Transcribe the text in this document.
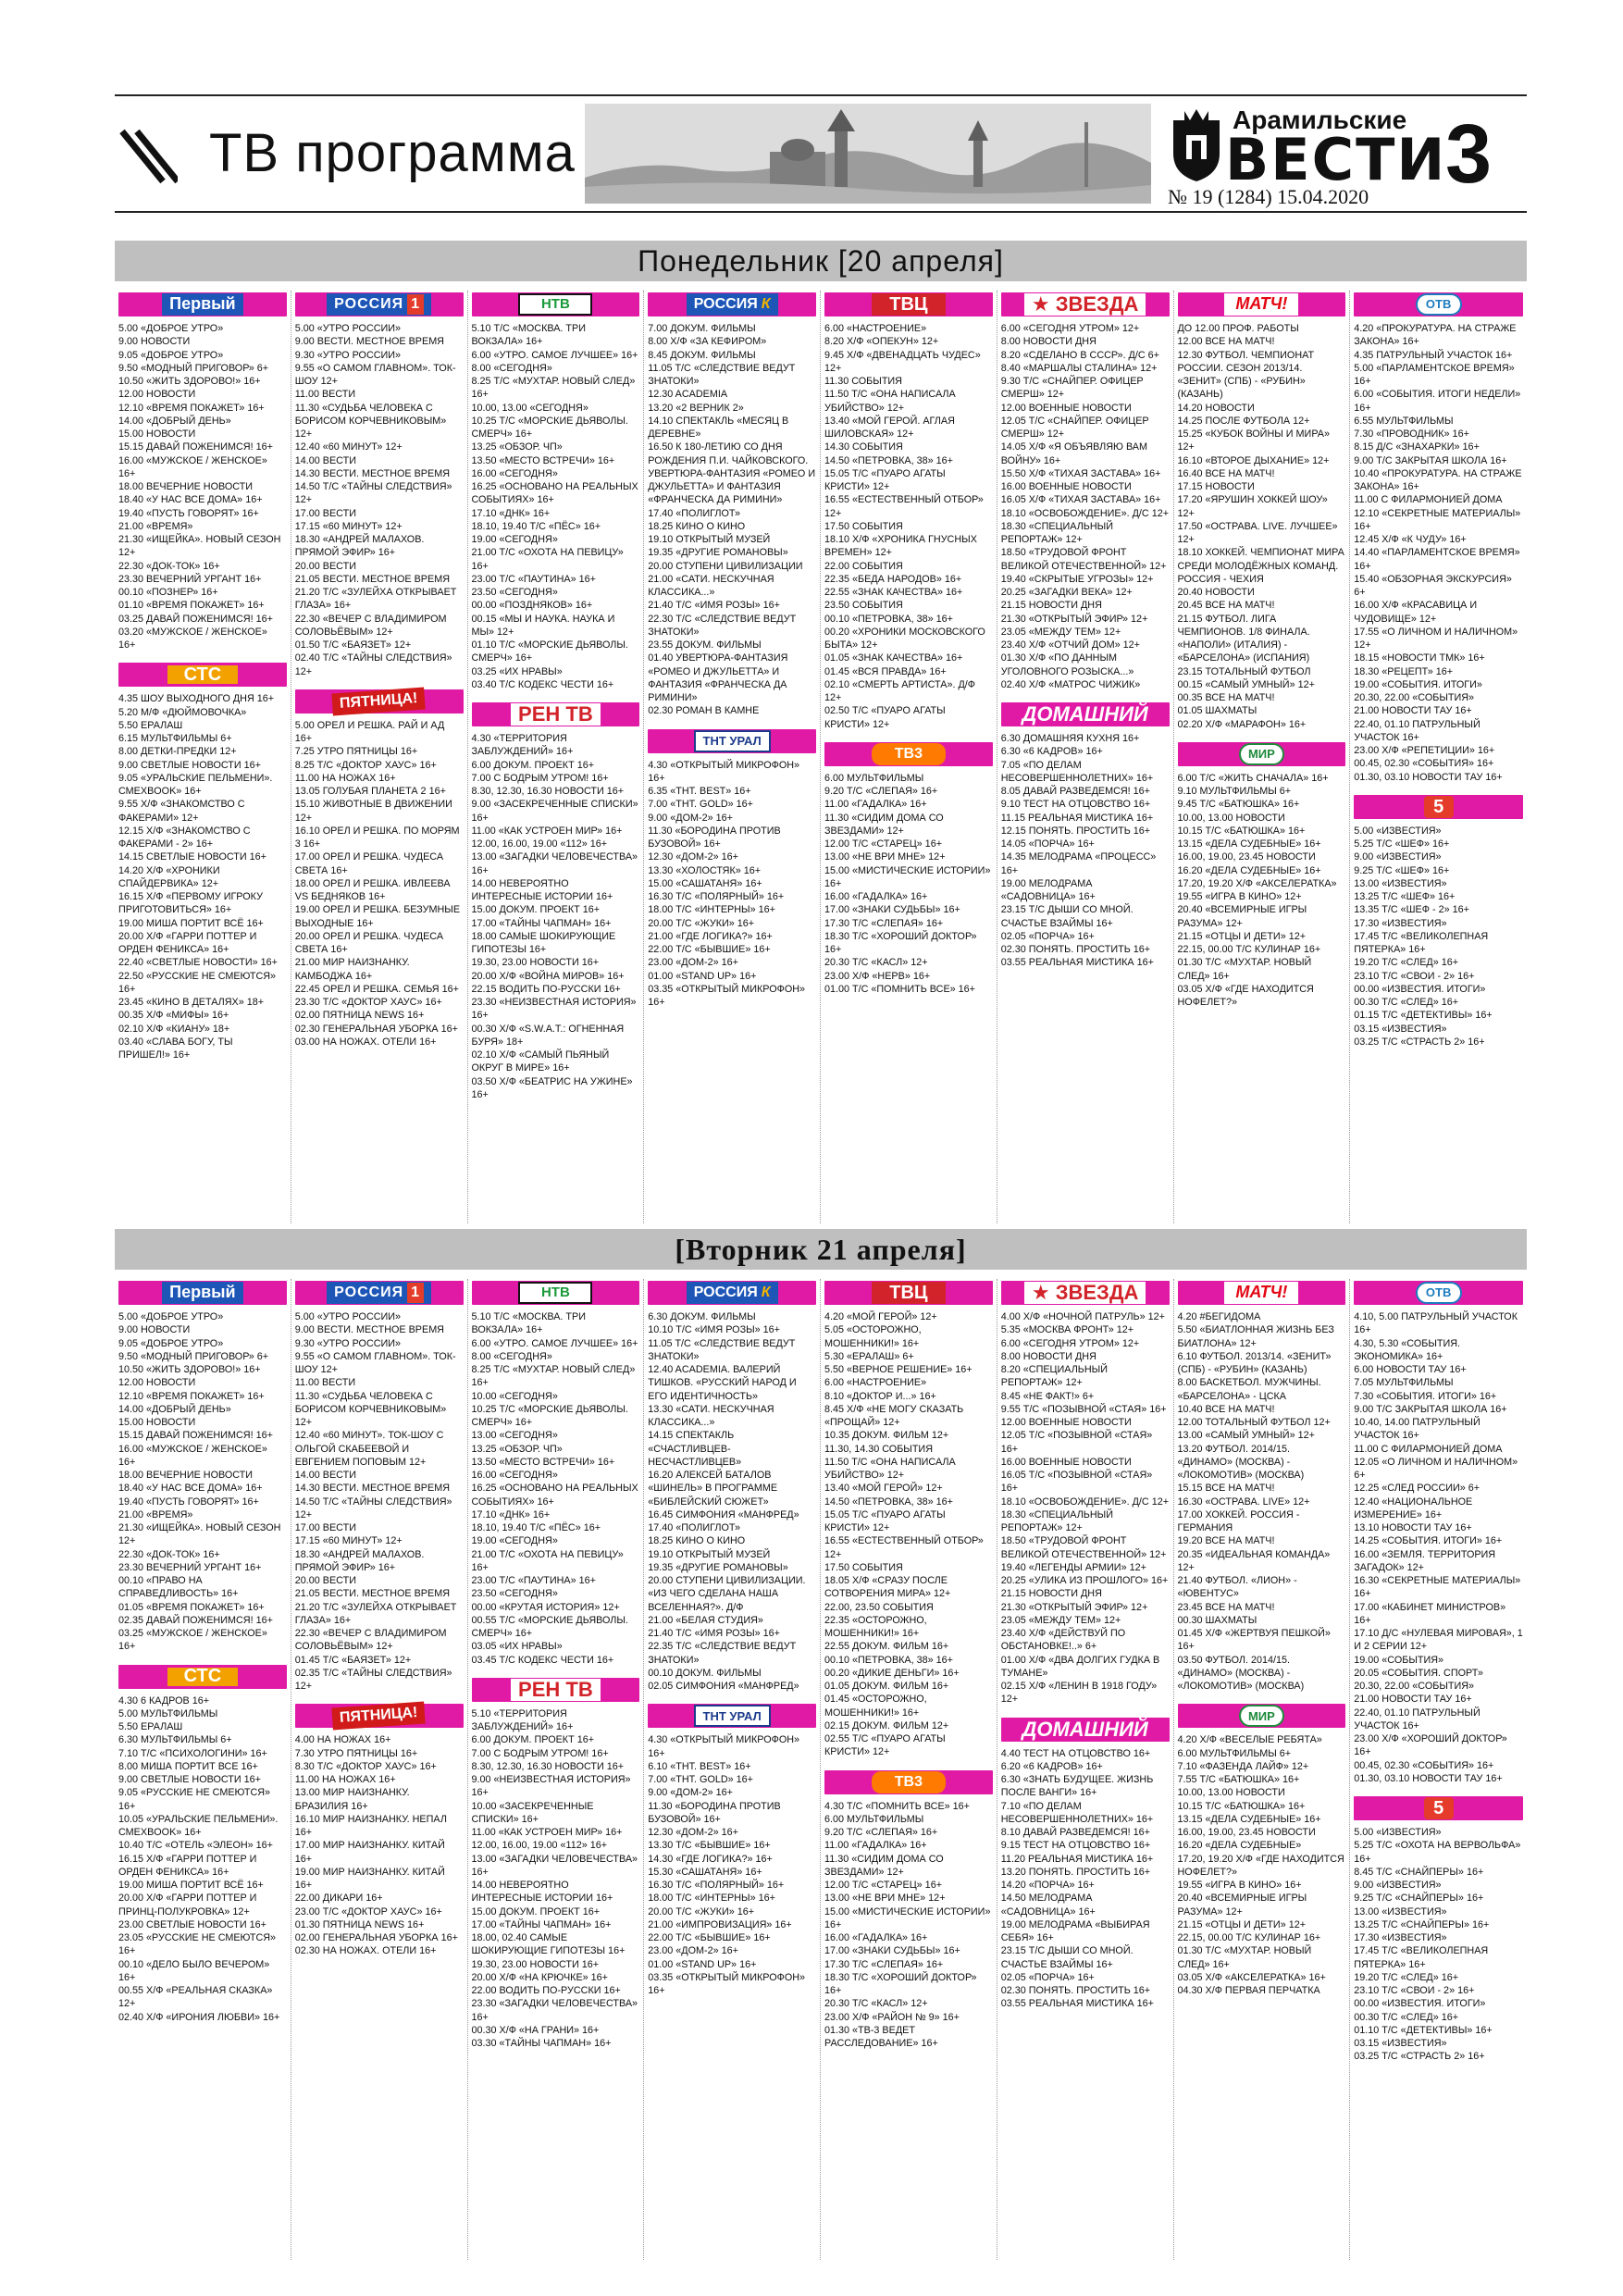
ТВ программа
Арамильские
ВЕСТИ
№ 19 (1284) 15.04.2020 3
Понедельник [20 апреля]
Первый
5.00 «ДОБРОЕ УТРО»
9.00 НОВОСТИ
9.05 «ДОБРОЕ УТРО»
9.50 «МОДНЫЙ ПРИГОВОР» 6+
10.50 «ЖИТЬ ЗДОРОВО!» 16+
12.00 НОВОСТИ
12.10 «ВРЕМЯ ПОКАЖЕТ» 16+
14.00 «ДОБРЫЙ ДЕНЬ»
15.00 НОВОСТИ
15.15 ДАВАЙ ПОЖЕНИМСЯ! 16+
16.00 «МУЖСКОЕ / ЖЕНСКОЕ» 16+
18.00 ВЕЧЕРНИЕ НОВОСТИ
18.40 «У НАС ВСЕ ДОМА» 16+
19.40 «ПУСТЬ ГОВОРЯТ» 16+
21.00 «ВРЕМЯ»
21.30 «ИЩЕЙКА». НОВЫЙ СЕЗОН 12+
22.30 «ДОК-ТОК» 16+
23.30 ВЕЧЕРНИЙ УРГАНТ 16+
00.10 «ПОЗНЕР» 16+
01.10 «ВРЕМЯ ПОКАЖЕТ» 16+
03.25 ДАВАЙ ПОЖЕНИМСЯ! 16+
03.20 «МУЖСКОЕ / ЖЕНСКОЕ» 16+
СТС
4.35 ШОУ ВЫХОДНОГО ДНЯ 16+
5.20 М/Ф «ДЮЙМОВОЧКА»
5.50 ЕРАЛАШ
6.15 МУЛЬТФИЛЬМЫ 6+
8.00 ДЕТКИ-ПРЕДКИ 12+
9.00 СВЕТЛЫЕ НОВОСТИ 16+
9.05 «УРАЛЬСКИЕ ПЕЛЬМЕНИ». СМЕХBOOK» 16+
9.55 Х/Ф «ЗНАКОМСТВО С ФАКЕРАМИ» 12+
12.15 Х/Ф «ЗНАКОМСТВО С ФАКЕРАМИ - 2» 16+
14.15 СВЕТЛЫЕ НОВОСТИ 16+
14.20 Х/Ф «ХРОНИКИ СПАЙДЕРВИКА» 12+
16.15 Х/Ф «ПЕРВОМУ ИГРОКУ ПРИГОТОВИТЬСЯ» 16+
19.00 МИША ПОРТИТ ВСЁ 16+
20.00 Х/Ф «ГАРРИ ПОТТЕР И ОРДЕН ФЕНИКСА» 16+
22.40 «СВЕТЛЫЕ НОВОСТИ» 16+
22.50 «РУССКИЕ НЕ СМЕЮТСЯ» 16+
23.45 «КИНО В ДЕТАЛЯХ» 18+
00.35 Х/Ф «МИФЫ» 16+
02.10 Х/Ф «КИАНУ» 18+
03.40 «СЛАВА БОГУ, ТЫ ПРИШЕЛ!» 16+
РОССИЯ 1
5.00 «УТРО РОССИИ»
9.00 ВЕСТИ. МЕСТНОЕ ВРЕМЯ
9.30 «УТРО РОССИИ»
9.55 «О САМОМ ГЛАВНОМ». ТОК-ШОУ 12+
11.00 ВЕСТИ
11.30 «СУДЬБА ЧЕЛОВЕКА С БОРИСОМ КОРЧЕВНИКОВЫМ» 12+
12.40 «60 МИНУТ» 12+
14.00 ВЕСТИ
14.30 ВЕСТИ. МЕСТНОЕ ВРЕМЯ
14.50 Т/С «ТАЙНЫ СЛЕДСТВИЯ» 12+
17.00 ВЕСТИ
17.15 «60 МИНУТ» 12+
18.30 «АНДРЕЙ МАЛАХОВ. ПРЯМОЙ ЭФИР» 16+
20.00 ВЕСТИ
21.05 ВЕСТИ. МЕСТНОЕ ВРЕМЯ
21.20 Т/С «ЗУЛЕЙХА ОТКРЫВАЕТ ГЛАЗА» 16+
22.30 «ВЕЧЕР С ВЛАДИМИРОМ СОЛОВЬЁВЫМ» 12+
01.50 Т/С «БАЯЗЕТ» 12+
02.40 Т/С «ТАЙНЫ СЛЕДСТВИЯ» 12+
ПЯТНИЦА!
5.00 ОРЕЛ И РЕШКА. РАЙ И АД 16+
7.25 УТРО ПЯТНИЦЫ 16+
8.25 Т/С «ДОКТОР ХАУС» 16+
11.00 НА НОЖАХ 16+
13.05 ГОЛУБАЯ ПЛАНЕТА 2 16+
15.10 ЖИВОТНЫЕ В ДВИЖЕНИИ 12+
16.10 ОРЕЛ И РЕШКА. ПО МОРЯМ 3 16+
17.00 ОРЕЛ И РЕШКА. ЧУДЕСА СВЕТА 16+
18.00 ОРЕЛ И РЕШКА. ИВЛЕЕВА VS БЕДНЯКОВ 16+
19.00 ОРЕЛ И РЕШКА. БЕЗУМНЫЕ ВЫХОДНЫЕ 16+
20.00 ОРЕЛ И РЕШКА. ЧУДЕСА СВЕТА 16+
21.00 МИР НАИЗНАНКУ. КАМБОДЖА 16+
22.45 ОРЕЛ И РЕШКА. СЕМЬЯ 16+
23.30 Т/С «ДОКТОР ХАУС» 16+
02.00 ПЯТНИЦА NEWS 16+
02.30 ГЕНЕРАЛЬНАЯ УБОРКА 16+
03.00 НА НОЖАХ. ОТЕЛИ 16+
НТВ
5.10 Т/С «МОСКВА. ТРИ ВОКЗАЛА» 16+
6.00 «УТРО. САМОЕ ЛУЧШЕЕ» 16+
8.00 «СЕГОДНЯ»
8.25 Т/С «МУХТАР. НОВЫЙ СЛЕД» 16+
10.00, 13.00 «СЕГОДНЯ»
10.25 Т/С «МОРСКИЕ ДЬЯВОЛЫ. СМЕРЧ» 16+
13.25 «ОБЗОР. ЧП»
13.50 «МЕСТО ВСТРЕЧИ» 16+
16.00 «СЕГОДНЯ»
16.25 «ОСНОВАНО НА РЕАЛЬНЫХ СОБЫТИЯХ» 16+
17.10 «ДНК» 16+
18.10, 19.40 Т/С «ПЁС» 16+
19.00 «СЕГОДНЯ»
21.00 Т/С «ОХОТА НА ПЕВИЦУ» 16+
23.00 Т/С «ПАУТИНА» 16+
23.50 «СЕГОДНЯ»
00.00 «ПОЗДНЯКОВ» 16+
00.15 «МЫ И НАУКА. НАУКА И МЫ» 12+
01.10 Т/С «МОРСКИЕ ДЬЯВОЛЫ. СМЕРЧ» 16+
03.25 «ИХ НРАВЫ»
03.40 Т/С КОДЕКС ЧЕСТИ 16+
РЕН ТВ
4.30 «ТЕРРИТОРИЯ ЗАБЛУЖДЕНИЙ» 16+
6.00 ДОКУМ. ПРОЕКТ 16+
7.00 С БОДРЫМ УТРОМ! 16+
8.30, 12.30, 16.30 НОВОСТИ 16+
9.00 «ЗАСЕКРЕЧЕННЫЕ СПИСКИ» 16+
11.00 «КАК УСТРОЕН МИР» 16+
12.00, 16.00, 19.00 «112» 16+
13.00 «ЗАГАДКИ ЧЕЛОВЕЧЕСТВА» 16+
14.00 НЕВЕРОЯТНО ИНТЕРЕСНЫЕ ИСТОРИИ 16+
15.00 ДОКУМ. ПРОЕКТ 16+
17.00 «ТАЙНЫ ЧАПМАН» 16+
18.00 САМЫЕ ШОКИРУЮЩИЕ ГИПОТЕЗЫ 16+
19.30, 23.00 НОВОСТИ 16+
20.00 Х/Ф «ВОЙНА МИРОВ» 16+
22.15 ВОДИТЬ ПО-РУССКИ 16+
23.30 «НЕИЗВЕСТНАЯ ИСТОРИЯ» 16+
00.30 Х/Ф «S.W.A.T.: ОГНЕННАЯ БУРЯ» 18+
02.10 Х/Ф «САМЫЙ ПЬЯНЫЙ ОКРУГ В МИРЕ» 16+
03.50 Х/Ф «БЕАТРИС НА УЖИНЕ» 16+
РОССИЯ К
7.00 ДОКУМ. ФИЛЬМЫ
8.00 Х/Ф «ЗА КЕФИРОМ»
8.45 ДОКУМ. ФИЛЬМЫ
11.05 Т/С «СЛЕДСТВИЕ ВЕДУТ ЗНАТОКИ»
12.30 ACADEMIA
13.20 «2 ВЕРНИК 2»
14.10 СПЕКТАКЛЬ «МЕСЯЦ В ДЕРЕВНЕ»
16.50 К 180-ЛЕТИЮ СО ДНЯ РОЖДЕНИЯ П.И. ЧАЙКОВСКОГО. УВЕРТЮРА-ФАНТАЗИЯ «РОМЕО И ДЖУЛЬЕТТА» И ФАНТАЗИЯ «ФРАНЧЕСКА ДА РИМИНИ»
17.40 «ПОЛИГЛОТ»
18.25 КИНО О КИНО
19.10 ОТКРЫТЫЙ МУЗЕЙ
19.35 «ДРУГИЕ РОМАНОВЫ»
20.00 СТУПЕНИ ЦИВИЛИЗАЦИИ
21.00 «САТИ. НЕСКУЧНАЯ КЛАССИКА...»
21.40 Т/С «ИМЯ РОЗЫ» 16+
22.30 Т/С «СЛЕДСТВИЕ ВЕДУТ ЗНАТОКИ»
23.55 ДОКУМ. ФИЛЬМЫ
01.40 УВЕРТЮРА-ФАНТАЗИЯ «РОМЕО И ДЖУЛЬЕТТА» И ФАНТАЗИЯ «ФРАНЧЕСКА ДА РИМИНИ»
02.30 РОМАН В КАМНЕ
ТНТ УРАЛ
4.30 «ОТКРЫТЫЙ МИКРОФОН» 16+
6.35 «ТНТ. BEST» 16+
7.00 «ТНТ. GOLD» 16+
9.00 «ДОМ-2» 16+
11.30 «БОРОДИНА ПРОТИВ БУЗОВОЙ» 16+
12.30 «ДОМ-2» 16+
13.30 «ХОЛОСТЯК» 16+
15.00 «САШАТАНЯ» 16+
16.30 Т/С «ПОЛЯРНЫЙ» 16+
18.00 Т/С «ИНТЕРНЫ» 16+
20.00 Т/С «ЖУКИ» 16+
21.00 «ГДЕ ЛОГИКА?» 16+
22.00 Т/С «БЫВШИЕ» 16+
23.00 «ДОМ-2» 16+
01.00 «STAND UP» 16+
03.35 «ОТКРЫТЫЙ МИКРОФОН» 16+
ТВЦ
6.00 «НАСТРОЕНИЕ»
8.20 Х/Ф «ОПЕКУН» 12+
9.45 Х/Ф «ДВЕНАДЦАТЬ ЧУДЕС» 12+
11.30 СОБЫТИЯ
11.50 Т/С «ОНА НАПИСАЛА УБИЙСТВО» 12+
13.40 «МОЙ ГЕРОЙ. АГЛАЯ ШИЛОВСКАЯ» 12+
14.30 СОБЫТИЯ
14.50 «ПЕТРОВКА, 38» 16+
15.05 Т/С «ПУАРО АГАТЫ КРИСТИ» 12+
16.55 «ЕСТЕСТВЕННЫЙ ОТБОР» 12+
17.50 СОБЫТИЯ
18.10 Х/Ф «ХРОНИКА ГНУСНЫХ ВРЕМЕН» 12+
22.00 СОБЫТИЯ
22.35 «БЕДА НАРОДОВ» 16+
22.55 «ЗНАК КАЧЕСТВА» 16+
23.50 СОБЫТИЯ
00.10 «ПЕТРОВКА, 38» 16+
00.20 «ХРОНИКИ МОСКОВСКОГО БЫТА» 12+
01.05 «ЗНАК КАЧЕСТВА» 16+
01.45 «ВСЯ ПРАВДА» 16+
02.10 «СМЕРТЬ АРТИСТА». Д/Ф 12+
02.50 Т/С «ПУАРО АГАТЫ КРИСТИ» 12+
ТВ3
6.00 МУЛЬТФИЛЬМЫ
9.20 Т/С «СЛЕПАЯ» 16+
11.00 «ГАДАЛКА» 16+
11.30 «СИДИМ ДОМА СО ЗВЕЗДАМИ» 12+
12.00 Т/С «СТАРЕЦ» 16+
13.00 «НЕ ВРИ МНЕ» 12+
15.00 «МИСТИЧЕСКИЕ ИСТОРИИ» 16+
16.00 «ГАДАЛКА» 16+
17.00 «ЗНАКИ СУДЬБЫ» 16+
17.30 Т/С «СЛЕПАЯ» 16+
18.30 Т/С «ХОРОШИЙ ДОКТОР» 16+
20.30 Т/С «КАСЛ» 12+
23.00 Х/Ф «НЕРВ» 16+
01.00 Т/С «ПОМНИТЬ ВСЕ» 16+
★ ЗВЕЗДА
6.00 «СЕГОДНЯ УТРОМ» 12+
8.00 НОВОСТИ ДНЯ
8.20 «СДЕЛАНО В СССР». Д/С 6+
8.40 «МАРШАЛЫ СТАЛИНА» 12+
9.30 Т/С «СНАЙПЕР. ОФИЦЕР СМЕРШ» 12+
12.00 ВОЕННЫЕ НОВОСТИ
12.05 Т/С «СНАЙПЕР. ОФИЦЕР СМЕРШ» 12+
14.05 Х/Ф «Я ОБЪЯВЛЯЮ ВАМ ВОЙНУ» 16+
15.50 Х/Ф «ТИХАЯ ЗАСТАВА» 16+
16.00 ВОЕННЫЕ НОВОСТИ
16.05 Х/Ф «ТИХАЯ ЗАСТАВА» 16+
18.10 «ОСВОБОЖДЕНИЕ». Д/С 12+
18.30 «СПЕЦИАЛЬНЫЙ РЕПОРТАЖ» 12+
18.50 «ТРУДОВОЙ ФРОНТ ВЕЛИКОЙ ОТЕЧЕСТВЕННОЙ» 12+
19.40 «СКРЫТЫЕ УГРОЗЫ» 12+
20.25 «ЗАГАДКИ ВЕКА» 12+
21.15 НОВОСТИ ДНЯ
21.30 «ОТКРЫТЫЙ ЭФИР» 12+
23.05 «МЕЖДУ ТЕМ» 12+
23.40 Х/Ф «ОТЧИЙ ДОМ» 12+
01.30 Х/Ф «ПО ДАННЫМ УГОЛОВНОГО РОЗЫСКА...»
02.40 Х/Ф «МАТРОС ЧИЖИК»
ДОМАШНИЙ
6.30 ДОМАШНЯЯ КУХНЯ 16+
6.30 «6 КАДРОВ» 16+
7.05 «ПО ДЕЛАМ НЕСОВЕРШЕННОЛЕТНИХ» 16+
8.05 ДАВАЙ РАЗВЕДЕМСЯ! 16+
9.10 ТЕСТ НА ОТЦОВСТВО 16+
11.15 РЕАЛЬНАЯ МИСТИКА 16+
12.15 ПОНЯТЬ. ПРОСТИТЬ 16+
14.05 «ПОРЧА» 16+
14.35 МЕЛОДРАМА «ПРОЦЕСС» 16+
19.00 МЕЛОДРАМА «САДОВНИЦА» 16+
23.15 Т/С ДЫШИ СО МНОЙ. СЧАСТЬЕ ВЗАЙМЫ 16+
02.05 «ПОРЧА» 16+
02.30 ПОНЯТЬ. ПРОСТИТЬ 16+
03.55 РЕАЛЬНАЯ МИСТИКА 16+
МАТЧ!
ДО 12.00 ПРОФ. РАБОТЫ
12.00 ВСЕ НА МАТЧ!
12.30 ФУТБОЛ. ЧЕМПИОНАТ РОССИИ. СЕЗОН 2013/14. «ЗЕНИТ» (СПБ) - «РУБИН» (КАЗАНЬ)
14.20 НОВОСТИ
14.25 ПОСЛЕ ФУТБОЛА 12+
15.25 «КУБОК ВОЙНЫ И МИРА» 12+
16.10 «ВТОРОЕ ДЫХАНИЕ» 12+
16.40 ВСЕ НА МАТЧ!
17.15 НОВОСТИ
17.20 «ЯРУШИН ХОККЕЙ ШОУ» 12+
17.50 «ОСТРАВА. LIVE. ЛУЧШЕЕ» 12+
18.10 ХОККЕЙ. ЧЕМПИОНАТ МИРА СРЕДИ МОЛОДЁЖНЫХ КОМАНД. РОССИЯ - ЧЕХИЯ
20.40 НОВОСТИ
20.45 ВСЕ НА МАТЧ!
21.15 ФУТБОЛ. ЛИГА ЧЕМПИОНОВ. 1/8 ФИНАЛА. «НАПОЛИ» (ИТАЛИЯ) - «БАРСЕЛОНА» (ИСПАНИЯ)
23.15 ТОТАЛЬНЫЙ ФУТБОЛ
00.15 «САМЫЙ УМНЫЙ» 12+
00.35 ВСЕ НА МАТЧ!
01.05 ШАХМАТЫ
02.20 Х/Ф «МАРАФОН» 16+
МИР
6.00 Т/С «ЖИТЬ СНАЧАЛА» 16+
9.10 МУЛЬТФИЛЬМЫ 6+
9.45 Т/С «БАТЮШКА» 16+
10.00, 13.00 НОВОСТИ
10.15 Т/С «БАТЮШКА» 16+
13.15 «ДЕЛА СУДЕБНЫЕ» 16+
16.00, 19.00, 23.45 НОВОСТИ
16.20 «ДЕЛА СУДЕБНЫЕ» 16+
17.20, 19.20 Х/Ф «АКСЕЛЕРАТКА»
19.55 «ИГРА В КИНО» 12+
20.40 «ВСЕМИРНЫЕ ИГРЫ РАЗУМА» 12+
21.15 «ОТЦЫ И ДЕТИ» 12+
22.15, 00.00 Т/С КУЛИНАР 16+
01.30 Т/С «МУХТАР. НОВЫЙ СЛЕД» 16+
03.05 Х/Ф «ГДЕ НАХОДИТСЯ НОФЕЛЕТ?»
ОТВ
4.20 «ПРОКУРАТУРА. НА СТРАЖЕ ЗАКОНА» 16+
4.35 ПАТРУЛЬНЫЙ УЧАСТОК 16+
5.00 «ПАРЛАМЕНТСКОЕ ВРЕМЯ» 16+
6.00 «СОБЫТИЯ. ИТОГИ НЕДЕЛИ» 16+
6.55 МУЛЬТФИЛЬМЫ
7.30 «ПРОВОДНИК» 16+
8.15 Д/С «ЗНАХАРКИ» 16+
9.00 Т/С ЗАКРЫТАЯ ШКОЛА 16+
10.40 «ПРОКУРАТУРА. НА СТРАЖЕ ЗАКОНА» 16+
11.00 С ФИЛАРМОНИЕЙ ДОМА
12.10 «СЕКРЕТНЫЕ МАТЕРИАЛЫ» 16+
12.45 Х/Ф «К ЧУДУ» 16+
14.40 «ПАРЛАМЕНТСКОЕ ВРЕМЯ» 16+
15.40 «ОБЗОРНАЯ ЭКСКУРСИЯ» 6+
16.00 Х/Ф «КРАСАВИЦА И ЧУДОВИЩЕ» 12+
17.55 «О ЛИЧНОМ И НАЛИЧНОМ» 12+
18.15 «НОВОСТИ ТМК» 16+
18.30 «РЕЦЕПТ» 16+
19.00 «СОБЫТИЯ. ИТОГИ»
20.30, 22.00 «СОБЫТИЯ»
21.00 НОВОСТИ ТАУ 16+
22.40, 01.10 ПАТРУЛЬНЫЙ УЧАСТОК 16+
23.00 Х/Ф «РЕПЕТИЦИИ» 16+
00.45, 02.30 «СОБЫТИЯ» 16+
01.30, 03.10 НОВОСТИ ТАУ 16+
5
5.00 «ИЗВЕСТИЯ»
5.25 Т/С «ШЕФ» 16+
9.00 «ИЗВЕСТИЯ»
9.25 Т/С «ШЕФ» 16+
13.00 «ИЗВЕСТИЯ»
13.25 Т/С «ШЕФ» 16+
13.35 Т/С «ШЕФ - 2» 16+
17.30 «ИЗВЕСТИЯ»
17.45 Т/С «ВЕЛИКОЛЕПНАЯ ПЯТЕРКА» 16+
19.20 Т/С «СЛЕД» 16+
23.10 Т/С «СВОИ - 2» 16+
00.00 «ИЗВЕСТИЯ. ИТОГИ»
00.30 Т/С «СЛЕД» 16+
01.15 Т/С «ДЕТЕКТИВЫ» 16+
03.15 «ИЗВЕСТИЯ»
03.25 Т/С «СТРАСТЬ 2» 16+
[Вторник 21 апреля]
Первый
5.00 «ДОБРОЕ УТРО»
9.00 НОВОСТИ
9.05 «ДОБРОЕ УТРО»
9.50 «МОДНЫЙ ПРИГОВОР» 6+
10.50 «ЖИТЬ ЗДОРОВО!» 16+
12.00 НОВОСТИ
12.10 «ВРЕМЯ ПОКАЖЕТ» 16+
14.00 «ДОБРЫЙ ДЕНЬ»
15.00 НОВОСТИ
15.15 ДАВАЙ ПОЖЕНИМСЯ! 16+
16.00 «МУЖСКОЕ / ЖЕНСКОЕ» 16+
18.00 ВЕЧЕРНИЕ НОВОСТИ
18.40 «У НАС ВСЕ ДОМА» 16+
19.40 «ПУСТЬ ГОВОРЯТ» 16+
21.00 «ВРЕМЯ»
21.30 «ИЩЕЙКА». НОВЫЙ СЕЗОН 12+
22.30 «ДОК-ТОК» 16+
23.30 ВЕЧЕРНИЙ УРГАНТ 16+
00.10 «ПРАВО НА СПРАВЕДЛИВОСТЬ» 16+
01.05 «ВРЕМЯ ПОКАЖЕТ» 16+
02.35 ДАВАЙ ПОЖЕНИМСЯ! 16+
03.25 «МУЖСКОЕ / ЖЕНСКОЕ» 16+
СТС
4.30 6 КАДРОВ 16+
5.00 МУЛЬТФИЛЬМЫ
5.50 ЕРАЛАШ
6.30 МУЛЬТФИЛЬМЫ 6+
7.10 Т/С «ПСИХОЛОГИНИ» 16+
8.00 МИША ПОРТИТ ВСЕ 16+
9.00 СВЕТЛЫЕ НОВОСТИ 16+
9.05 «РУССКИЕ НЕ СМЕЮТСЯ» 16+
10.05 «УРАЛЬСКИЕ ПЕЛЬМЕНИ». СМЕХBOOK» 16+
10.40 Т/С «ОТЕЛЬ «ЭЛЕОН» 16+
16.15 Х/Ф «ГАРРИ ПОТТЕР И ОРДЕН ФЕНИКСА» 16+
19.00 МИША ПОРТИТ ВСЁ 16+
20.00 Х/Ф «ГАРРИ ПОТТЕР И ПРИНЦ-ПОЛУКРОВКА» 12+
23.00 СВЕТЛЫЕ НОВОСТИ 16+
23.05 «РУССКИЕ НЕ СМЕЮТСЯ» 16+
00.10 «ДЕЛО БЫЛО ВЕЧЕРОМ» 16+
00.55 Х/Ф «РЕАЛЬНАЯ СКАЗКА» 12+
02.40 Х/Ф «ИРОНИЯ ЛЮБВИ» 16+
РОССИЯ 1
5.00 «УТРО РОССИИ»
9.00 ВЕСТИ. МЕСТНОЕ ВРЕМЯ
9.30 «УТРО РОССИИ»
9.55 «О САМОМ ГЛАВНОМ». ТОК-ШОУ 12+
11.00 ВЕСТИ
11.30 «СУДЬБА ЧЕЛОВЕКА С БОРИСОМ КОРЧЕВНИКОВЫМ» 12+
12.40 «60 МИНУТ». ТОК-ШОУ С ОЛЬГОЙ СКАБЕЕВОЙ И ЕВГЕНИЕМ ПОПОВЫМ 12+
14.00 ВЕСТИ
14.30 ВЕСТИ. МЕСТНОЕ ВРЕМЯ
14.50 Т/С «ТАЙНЫ СЛЕДСТВИЯ» 12+
17.00 ВЕСТИ
17.15 «60 МИНУТ» 12+
18.30 «АНДРЕЙ МАЛАХОВ. ПРЯМОЙ ЭФИР» 16+
20.00 ВЕСТИ
21.05 ВЕСТИ. МЕСТНОЕ ВРЕМЯ
21.20 Т/С «ЗУЛЕЙХА ОТКРЫВАЕТ ГЛАЗА» 16+
22.30 «ВЕЧЕР С ВЛАДИМИРОМ СОЛОВЬЁВЫМ» 12+
01.45 Т/С «БАЯЗЕТ» 12+
02.35 Т/С «ТАЙНЫ СЛЕДСТВИЯ» 12+
ПЯТНИЦА!
4.00 НА НОЖАХ 16+
7.30 УТРО ПЯТНИЦЫ 16+
8.30 Т/С «ДОКТОР ХАУС» 16+
11.00 НА НОЖАХ 16+
13.00 МИР НАИЗНАНКУ. БРАЗИЛИЯ 16+
16.10 МИР НАИЗНАНКУ. НЕПАЛ 16+
17.00 МИР НАИЗНАНКУ. КИТАЙ 16+
19.00 МИР НАИЗНАНКУ. КИТАЙ 16+
22.00 ДИКАРИ 16+
23.00 Т/С «ДОКТОР ХАУС» 16+
01.30 ПЯТНИЦА NEWS 16+
02.00 ГЕНЕРАЛЬНАЯ УБОРКА 16+
02.30 НА НОЖАХ. ОТЕЛИ 16+
НТВ
5.10 Т/С «МОСКВА. ТРИ ВОКЗАЛА» 16+
6.00 «УТРО. САМОЕ ЛУЧШЕЕ» 16+
8.00 «СЕГОДНЯ»
8.25 Т/С «МУХТАР. НОВЫЙ СЛЕД» 16+
10.00 «СЕГОДНЯ»
10.25 Т/С «МОРСКИЕ ДЬЯВОЛЫ. СМЕРЧ» 16+
13.00 «СЕГОДНЯ»
13.25 «ОБЗОР. ЧП»
13.50 «МЕСТО ВСТРЕЧИ» 16+
16.00 «СЕГОДНЯ»
16.25 «ОСНОВАНО НА РЕАЛЬНЫХ СОБЫТИЯХ» 16+
17.10 «ДНК» 16+
18.10, 19.40 Т/С «ПЁС» 16+
19.00 «СЕГОДНЯ»
21.00 Т/С «ОХОТА НА ПЕВИЦУ» 16+
23.00 Т/С «ПАУТИНА» 16+
23.50 «СЕГОДНЯ»
00.00 «КРУТАЯ ИСТОРИЯ» 12+
00.55 Т/С «МОРСКИЕ ДЬЯВОЛЫ. СМЕРЧ» 16+
03.05 «ИХ НРАВЫ»
03.45 Т/С КОДЕКС ЧЕСТИ 16+
РЕН ТВ
5.10 «ТЕРРИТОРИЯ ЗАБЛУЖДЕНИЙ» 16+
6.00 ДОКУМ. ПРОЕКТ 16+
7.00 С БОДРЫМ УТРОМ! 16+
8.30, 12.30, 16.30 НОВОСТИ 16+
9.00 «НЕИЗВЕСТНАЯ ИСТОРИЯ» 16+
10.00 «ЗАСЕКРЕЧЕННЫЕ СПИСКИ» 16+
11.00 «КАК УСТРОЕН МИР» 16+
12.00, 16.00, 19.00 «112» 16+
13.00 «ЗАГАДКИ ЧЕЛОВЕЧЕСТВА» 16+
14.00 НЕВЕРОЯТНО ИНТЕРЕСНЫЕ ИСТОРИИ 16+
15.00 ДОКУМ. ПРОЕКТ 16+
17.00 «ТАЙНЫ ЧАПМАН» 16+
18.00, 02.40 САМЫЕ ШОКИРУЮЩИЕ ГИПОТЕЗЫ 16+
19.30, 23.00 НОВОСТИ 16+
20.00 Х/Ф «НА КРЮЧКЕ» 16+
22.00 ВОДИТЬ ПО-РУССКИ 16+
23.30 «ЗАГАДКИ ЧЕЛОВЕЧЕСТВА» 16+
00.30 Х/Ф «НА ГРАНИ» 16+
03.30 «ТАЙНЫ ЧАПМАН» 16+
РОССИЯ К
6.30 ДОКУМ. ФИЛЬМЫ
10.10 Т/С «ИМЯ РОЗЫ» 16+
11.05 Т/С «СЛЕДСТВИЕ ВЕДУТ ЗНАТОКИ»
12.40 ACADEMIA. ВАЛЕРИЙ ТИШКОВ. «РУССКИЙ НАРОД И ЕГО ИДЕНТИЧНОСТЬ»
13.30 «САТИ. НЕСКУЧНАЯ КЛАССИКА...»
14.15 СПЕКТАКЛЬ «СЧАСТЛИВЦЕВ-НЕСЧАСТЛИВЦЕВ»
16.20 АЛЕКСЕЙ БАТАЛОВ «ШИНЕЛЬ» В ПРОГРАММЕ «БИБЛЕЙСКИЙ СЮЖЕТ»
16.45 СИМФОНИЯ «МАНФРЕД»
17.40 «ПОЛИГЛОТ»
18.25 КИНО О КИНО
19.10 ОТКРЫТЫЙ МУЗЕЙ
19.35 «ДРУГИЕ РОМАНОВЫ»
20.00 СТУПЕНИ ЦИВИЛИЗАЦИИ. «ИЗ ЧЕГО СДЕЛАНА НАША ВСЕЛЕННАЯ?». Д/Ф
21.00 «БЕЛАЯ СТУДИЯ»
21.40 Т/С «ИМЯ РОЗЫ» 16+
22.35 Т/С «СЛЕДСТВИЕ ВЕДУТ ЗНАТОКИ»
00.10 ДОКУМ. ФИЛЬМЫ
02.05 СИМФОНИЯ «МАНФРЕД»
ТНТ УРАЛ
4.30 «ОТКРЫТЫЙ МИКРОФОН» 16+
6.10 «ТНТ. BEST» 16+
7.00 «ТНТ. GOLD» 16+
9.00 «ДОМ-2» 16+
11.30 «БОРОДИНА ПРОТИВ БУЗОВОЙ» 16+
12.30 «ДОМ-2» 16+
13.30 Т/С «БЫВШИЕ» 16+
14.30 «ГДЕ ЛОГИКА?» 16+
15.30 «САШАТАНЯ» 16+
16.30 Т/С «ПОЛЯРНЫЙ» 16+
18.00 Т/С «ИНТЕРНЫ» 16+
20.00 Т/С «ЖУКИ» 16+
21.00 «ИМПРОВИЗАЦИЯ» 16+
22.00 Т/С «БЫВШИЕ» 16+
23.00 «ДОМ-2» 16+
01.00 «STAND UP» 16+
03.35 «ОТКРЫТЫЙ МИКРОФОН» 16+
ТВЦ
4.20 «МОЙ ГЕРОЙ» 12+
5.05 «ОСТОРОЖНО, МОШЕННИКИ!» 16+
5.30 «ЕРАЛАШ» 6+
5.50 «ВЕРНОЕ РЕШЕНИЕ» 16+
6.00 «НАСТРОЕНИЕ»
8.10 «ДОКТОР И...» 16+
8.45 Х/Ф «НЕ МОГУ СКАЗАТЬ «ПРОЩАЙ» 12+
10.35 ДОКУМ. ФИЛЬМ 12+
11.30, 14.30 СОБЫТИЯ
11.50 Т/С «ОНА НАПИСАЛА УБИЙСТВО» 12+
13.40 «МОЙ ГЕРОЙ» 12+
14.50 «ПЕТРОВКА, 38» 16+
15.05 Т/С «ПУАРО АГАТЫ КРИСТИ» 12+
16.55 «ЕСТЕСТВЕННЫЙ ОТБОР» 12+
17.50 СОБЫТИЯ
18.05 Х/Ф «СРАЗУ ПОСЛЕ СОТВОРЕНИЯ МИРА» 12+
22.00, 23.50 СОБЫТИЯ
22.35 «ОСТОРОЖНО, МОШЕННИКИ!» 16+
22.55 ДОКУМ. ФИЛЬМ 16+
00.10 «ПЕТРОВКА, 38» 16+
00.20 «ДИКИЕ ДЕНЬГИ» 16+
01.05 ДОКУМ. ФИЛЬМ 16+
01.45 «ОСТОРОЖНО, МОШЕННИКИ!» 16+
02.15 ДОКУМ. ФИЛЬМ 12+
02.55 Т/С «ПУАРО АГАТЫ КРИСТИ» 12+
ТВ3
4.30 Т/С «ПОМНИТЬ ВСЕ» 16+
6.00 МУЛЬТФИЛЬМЫ
9.20 Т/С «СЛЕПАЯ» 16+
11.00 «ГАДАЛКА» 16+
11.30 «СИДИМ ДОМА СО ЗВЕЗДАМИ» 12+
12.00 Т/С «СТАРЕЦ» 16+
13.00 «НЕ ВРИ МНЕ» 12+
15.00 «МИСТИЧЕСКИЕ ИСТОРИИ» 16+
16.00 «ГАДАЛКА» 16+
17.00 «ЗНАКИ СУДЬБЫ» 16+
17.30 Т/С «СЛЕПАЯ» 16+
18.30 Т/С «ХОРОШИЙ ДОКТОР» 16+
20.30 Т/С «КАСЛ» 12+
23.00 Х/Ф «РАЙОН № 9» 16+
01.30 «ТВ-3 ВЕДЕТ РАССЛЕДОВАНИЕ» 16+
★ ЗВЕЗДА
4.00 Х/Ф «НОЧНОЙ ПАТРУЛЬ» 12+
5.35 «МОСКВА ФРОНТ» 12+
6.00 «СЕГОДНЯ УТРОМ» 12+
8.00 НОВОСТИ ДНЯ
8.20 «СПЕЦИАЛЬНЫЙ РЕПОРТАЖ» 12+
8.45 «НЕ ФАКТ!» 6+
9.55 Т/С «ПОЗЫВНОЙ «СТАЯ» 16+
12.00 ВОЕННЫЕ НОВОСТИ
12.05 Т/С «ПОЗЫВНОЙ «СТАЯ» 16+
16.00 ВОЕННЫЕ НОВОСТИ
16.05 Т/С «ПОЗЫВНОЙ «СТАЯ» 16+
18.10 «ОСВОБОЖДЕНИЕ». Д/С 12+
18.30 «СПЕЦИАЛЬНЫЙ РЕПОРТАЖ» 12+
18.50 «ТРУДОВОЙ ФРОНТ ВЕЛИКОЙ ОТЕЧЕСТВЕННОЙ» 12+
19.40 «ЛЕГЕНДЫ АРМИИ» 12+
20.25 «УЛИКА ИЗ ПРОШЛОГО» 16+
21.15 НОВОСТИ ДНЯ
21.30 «ОТКРЫТЫЙ ЭФИР» 12+
23.05 «МЕЖДУ ТЕМ» 12+
23.40 Х/Ф «ДЕЙСТВУЙ ПО ОБСТАНОВКЕ!..» 6+
01.00 Х/Ф «ДВА ДОЛГИХ ГУДКА В ТУМАНЕ»
02.15 Х/Ф «ЛЕНИН В 1918 ГОДУ» 12+
ДОМАШНИЙ
4.40 ТЕСТ НА ОТЦОВСТВО 16+
6.20 «6 КАДРОВ» 16+
6.30 «ЗНАТЬ БУДУЩЕЕ. ЖИЗНЬ ПОСЛЕ ВАНГИ» 16+
7.10 «ПО ДЕЛАМ НЕСОВЕРШЕННОЛЕТНИХ» 16+
8.10 ДАВАЙ РАЗВЕДЕМСЯ! 16+
9.15 ТЕСТ НА ОТЦОВСТВО 16+
11.20 РЕАЛЬНАЯ МИСТИКА 16+
13.20 ПОНЯТЬ. ПРОСТИТЬ 16+
14.20 «ПОРЧА» 16+
14.50 МЕЛОДРАМА «САДОВНИЦА» 16+
19.00 МЕЛОДРАМА «ВЫБИРАЯ СЕБЯ» 16+
23.15 Т/С ДЫШИ СО МНОЙ. СЧАСТЬЕ ВЗАЙМЫ 16+
02.05 «ПОРЧА» 16+
02.30 ПОНЯТЬ. ПРОСТИТЬ 16+
03.55 РЕАЛЬНАЯ МИСТИКА 16+
МАТЧ!
4.20 #БЕГИДОМА
5.50 «БИАТЛОННАЯ ЖИЗНЬ БЕЗ БИАТЛОНА» 12+
6.10 ФУТБОЛ. 2013/14. «ЗЕНИТ» (СПБ) - «РУБИН» (КАЗАНЬ)
8.00 БАСКЕТБОЛ. МУЖЧИНЫ. «БАРСЕЛОНА» - ЦСКА
10.40 ВСЕ НА МАТЧ!
12.00 ТОТАЛЬНЫЙ ФУТБОЛ 12+
13.00 «САМЫЙ УМНЫЙ» 12+
13.20 ФУТБОЛ. 2014/15. «ДИНАМО» (МОСКВА) - «ЛОКОМОТИВ» (МОСКВА)
15.15 ВСЕ НА МАТЧ!
16.30 «ОСТРАВА. LIVE» 12+
17.00 ХОККЕЙ. РОССИЯ - ГЕРМАНИЯ
19.20 ВСЕ НА МАТЧ!
20.35 «ИДЕАЛЬНАЯ КОМАНДА» 12+
21.40 ФУТБОЛ. «ЛИОН» - «ЮВЕНТУС»
23.45 ВСЕ НА МАТЧ!
00.30 ШАХМАТЫ
01.45 Х/Ф «ЖЕРТВУЯ ПЕШКОЙ» 16+
03.50 ФУТБОЛ. 2014/15. «ДИНАМО» (МОСКВА) - «ЛОКОМОТИВ» (МОСКВА)
МИР
4.20 Х/Ф «ВЕСЕЛЫЕ РЕБЯТА»
6.00 МУЛЬТФИЛЬМЫ 6+
7.10 «ФАЗЕНДА ЛАЙФ» 12+
7.55 Т/С «БАТЮШКА» 16+
10.00, 13.00 НОВОСТИ
10.15 Т/С «БАТЮШКА» 16+
13.15 «ДЕЛА СУДЕБНЫЕ» 16+
16.00, 19.00, 23.45 НОВОСТИ
16.20 «ДЕЛА СУДЕБНЫЕ»
17.20, 19.20 Х/Ф «ГДЕ НАХОДИТСЯ НОФЕЛЕТ?»
19.55 «ИГРА В КИНО» 16+
20.40 «ВСЕМИРНЫЕ ИГРЫ РАЗУМА» 12+
21.15 «ОТЦЫ И ДЕТИ» 12+
22.15, 00.00 Т/С КУЛИНАР 16+
01.30 Т/С «МУХТАР. НОВЫЙ СЛЕД» 16+
03.05 Х/Ф «АКСЕЛЕРАТКА» 16+
04.30 Х/Ф ПЕРВАЯ ПЕРЧАТКА
ОТВ
4.10, 5.00 ПАТРУЛЬНЫЙ УЧАСТОК 16+
4.30, 5.30 «СОБЫТИЯ. ЭКОНОМИКА» 16+
6.00 НОВОСТИ ТАУ 16+
7.05 МУЛЬТФИЛЬМЫ
7.30 «СОБЫТИЯ. ИТОГИ» 16+
9.00 Т/С ЗАКРЫТАЯ ШКОЛА 16+
10.40, 14.00 ПАТРУЛЬНЫЙ УЧАСТОК 16+
11.00 С ФИЛАРМОНИЕЙ ДОМА
12.05 «О ЛИЧНОМ И НАЛИЧНОМ» 6+
12.25 «СЛЕД РОССИИ» 6+
12.40 «НАЦИОНАЛЬНОЕ ИЗМЕРЕНИЕ» 16+
13.10 НОВОСТИ ТАУ 16+
14.25 «СОБЫТИЯ. ИТОГИ» 16+
16.00 «ЗЕМЛЯ. ТЕРРИТОРИЯ ЗАГАДОК» 12+
16.30 «СЕКРЕТНЫЕ МАТЕРИАЛЫ» 16+
17.00 «КАБИНЕТ МИНИСТРОВ» 16+
17.10 Д/С «НУЛЕВАЯ МИРОВАЯ», 1 И 2 СЕРИИ 12+
19.00 «СОБЫТИЯ»
20.05 «СОБЫТИЯ. СПОРТ»
20.30, 22.00 «СОБЫТИЯ»
21.00 НОВОСТИ ТАУ 16+
22.40, 01.10 ПАТРУЛЬНЫЙ УЧАСТОК 16+
23.00 Х/Ф «ХОРОШИЙ ДОКТОР» 16+
00.45, 02.30 «СОБЫТИЯ» 16+
01.30, 03.10 НОВОСТИ ТАУ 16+
5
5.00 «ИЗВЕСТИЯ»
5.25 Т/С «ОХОТА НА ВЕРВОЛЬФА» 16+
8.45 Т/С «СНАЙПЕРЫ» 16+
9.00 «ИЗВЕСТИЯ»
9.25 Т/С «СНАЙПЕРЫ» 16+
13.00 «ИЗВЕСТИЯ»
13.25 Т/С «СНАЙПЕРЫ» 16+
17.30 «ИЗВЕСТИЯ»
17.45 Т/С «ВЕЛИКОЛЕПНАЯ ПЯТЕРКА» 16+
19.20 Т/С «СЛЕД» 16+
23.10 Т/С «СВОИ - 2» 16+
00.00 «ИЗВЕСТИЯ. ИТОГИ»
00.30 Т/С «СЛЕД» 16+
01.10 Т/С «ДЕТЕКТИВЫ» 16+
03.15 «ИЗВЕСТИЯ»
03.25 Т/С «СТРАСТЬ 2» 16+
